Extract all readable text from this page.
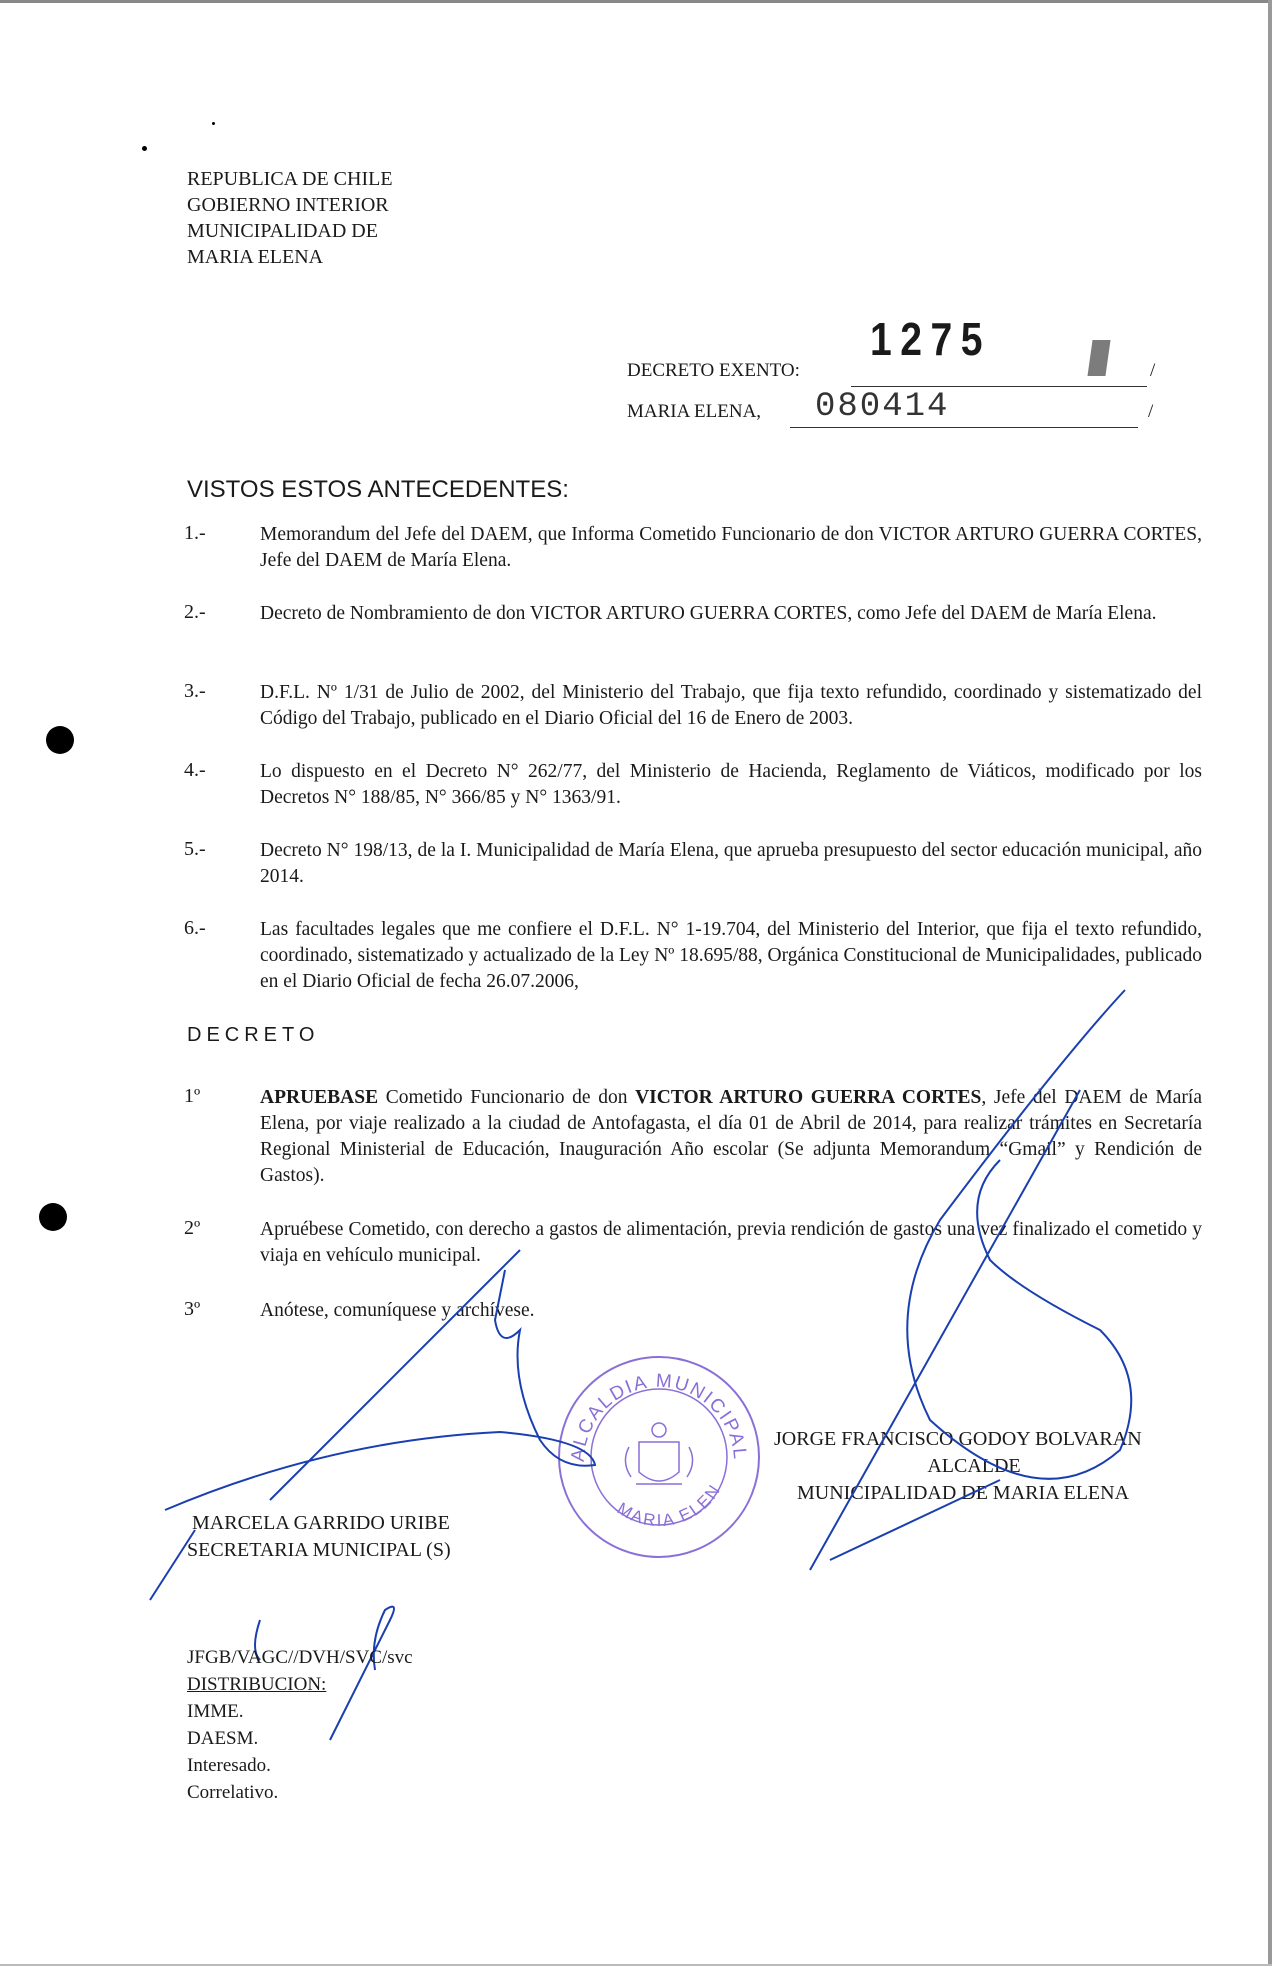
REPUBLICA DE CHILE
GOBIERNO INTERIOR
MUNICIPALIDAD DE
MARIA ELENA
DECRETO EXENTO:
1275
/
MARIA ELENA, 080414	/
VISTOS ESTOS ANTECEDENTES:
1.-	Memorandum del Jefe del DAEM, que Informa Cometido Funcionario de don VICTOR ARTURO GUERRA CORTES, Jefe del DAEM de María Elena.
2.-	Decreto de Nombramiento de don VICTOR ARTURO GUERRA CORTES, como Jefe del DAEM de María Elena.
3.-	D.F.L. Nº 1/31 de Julio de 2002, del Ministerio del Trabajo, que fija texto refundido, coordinado y sistematizado del Código del Trabajo, publicado en el Diario Oficial del 16 de Enero de 2003.
4.-	Lo dispuesto en el Decreto N° 262/77, del Ministerio de Hacienda, Reglamento de Viáticos, modificado por los Decretos N° 188/85, N° 366/85 y N° 1363/91.
5.-	Decreto N° 198/13, de la I. Municipalidad de María Elena, que aprueba presupuesto del sector educación municipal, año 2014.
6.-	Las facultades legales que me confiere el D.F.L. N° 1-19.704, del Ministerio del Interior, que fija el texto refundido, coordinado, sistematizado y actualizado de la Ley Nº 18.695/88, Orgánica Constitucional de Municipalidades, publicado en el Diario Oficial de fecha 26.07.2006,
DECRETO
1º	APRUEBASE Cometido Funcionario de don VICTOR ARTURO GUERRA CORTES, Jefe del DAEM de María Elena, por viaje realizado a la ciudad de Antofagasta, el día 01 de Abril de 2014, para realizar trámites en Secretaría Regional Ministerial de Educación, Inauguración Año escolar (Se adjunta Memorandum “Gmail” y Rendición de Gastos).
2º	Apruébese Cometido, con derecho a gastos de alimentación, previa rendición de gastos una vez finalizado el cometido y viaja en vehículo municipal.
3º	Anótese, comuníquese y archívese.
ALCALDIA MUNICIPAL
MARIA ELEN
MARCELA GARRIDO URIBE
SECRETARIA MUNICIPAL (S)
JORGE FRANCISCO GODOY BOLVARAN
ALCALDE
MUNICIPALIDAD DE MARIA ELENA
JFGB/VAGC//DVH/SVC/svc
DISTRIBUCION:
IMME.
DAESM.
Interesado.
Correlativo.
